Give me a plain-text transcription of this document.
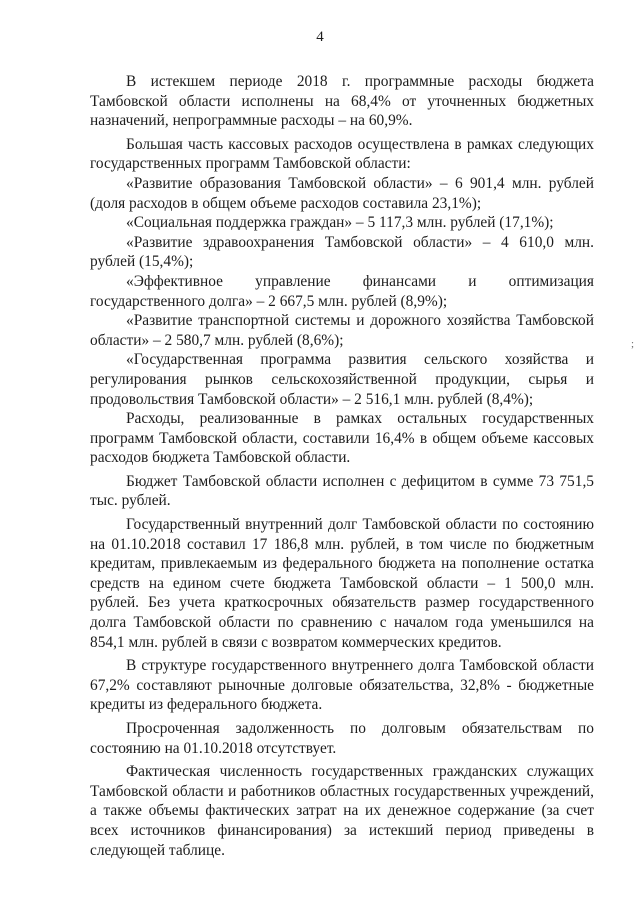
4
;

В истекшем периоде 2018 г. программные расходы бюджета Тамбовской области исполнены на 68,4% от уточненных бюджетных назначений, непрограммные расходы – на 60,9%.

Большая часть кассовых расходов осуществлена в рамках следующих государственных программ Тамбовской области:

«Развитие образования Тамбовской области» – 6 901,4 млн. рублей (доля расходов в общем объеме расходов составила 23,1%);

«Социальная поддержка граждан» – 5 117,3 млн. рублей (17,1%);

«Развитие здравоохранения Тамбовской области» – 4 610,0 млн. рублей (15,4%);

«Эффективное управление финансами и оптимизация государственного долга» – 2 667,5 млн. рублей (8,9%);

«Развитие транспортной системы и дорожного хозяйства Тамбовской области» – 2 580,7 млн. рублей (8,6%);

«Государственная программа развития сельского хозяйства и регулирования рынков сельскохозяйственной продукции, сырья и продовольствия Тамбовской области» – 2 516,1 млн. рублей (8,4%);

Расходы, реализованные в рамках остальных государственных программ Тамбовской области, составили 16,4% в общем объеме кассовых расходов бюджета Тамбовской области.

Бюджет Тамбовской области исполнен с дефицитом в сумме 73 751,5 тыс. рублей.

Государственный внутренний долг Тамбовской области по состоянию на 01.10.2018 составил 17 186,8 млн. рублей, в том числе по бюджетным кредитам, привлекаемым из федерального бюджета на пополнение остатка средств на едином счете бюджета Тамбовской области – 1 500,0 млн. рублей. Без учета краткосрочных обязательств размер государственного долга Тамбовской области по сравнению с началом года уменьшился на 854,1 млн. рублей в связи с возвратом коммерческих кредитов.

В структуре государственного внутреннего долга Тамбовской области 67,2% составляют рыночные долговые обязательства, 32,8% - бюджетные кредиты из федерального бюджета.

Просроченная задолженность по долговым обязательствам по состоянию на 01.10.2018 отсутствует.

Фактическая численность государственных гражданских служащих Тамбовской области и работников областных государственных учреждений, а также объемы фактических затрат на их денежное содержание (за счет всех источников финансирования) за истекший период приведены в следующей таблице.
